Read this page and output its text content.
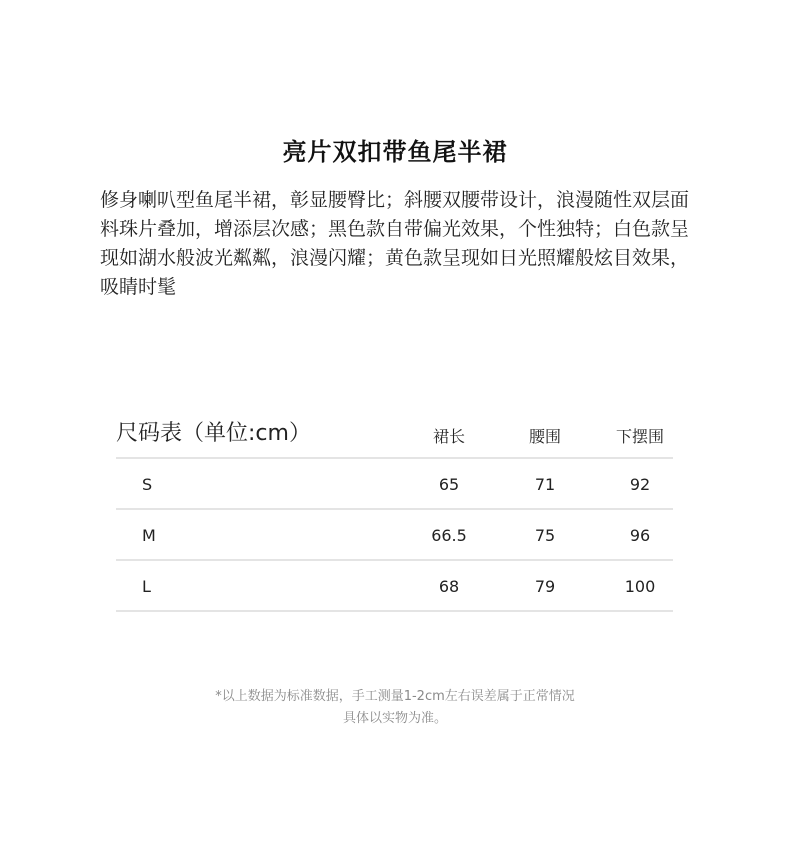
亮片双扣带鱼尾半裙
修身喇叭型鱼尾半裙，彰显腰臀比；斜腰双腰带设计，浪漫随性双层面料珠片叠加，增添层次感；黑色款自带偏光效果，个性独特；白色款呈现如湖水般波光粼粼，浪漫闪耀；黄色款呈现如日光照耀般炫目效果，吸睛时髦
尺码表（单位:cm）	裙长	腰围	下摆围
S	65	71	92
M	66.5	75	96
L	68	79	100
*以上数据为标准数据，手工测量1-2cm左右误差属于正常情况
具体以实物为准。
